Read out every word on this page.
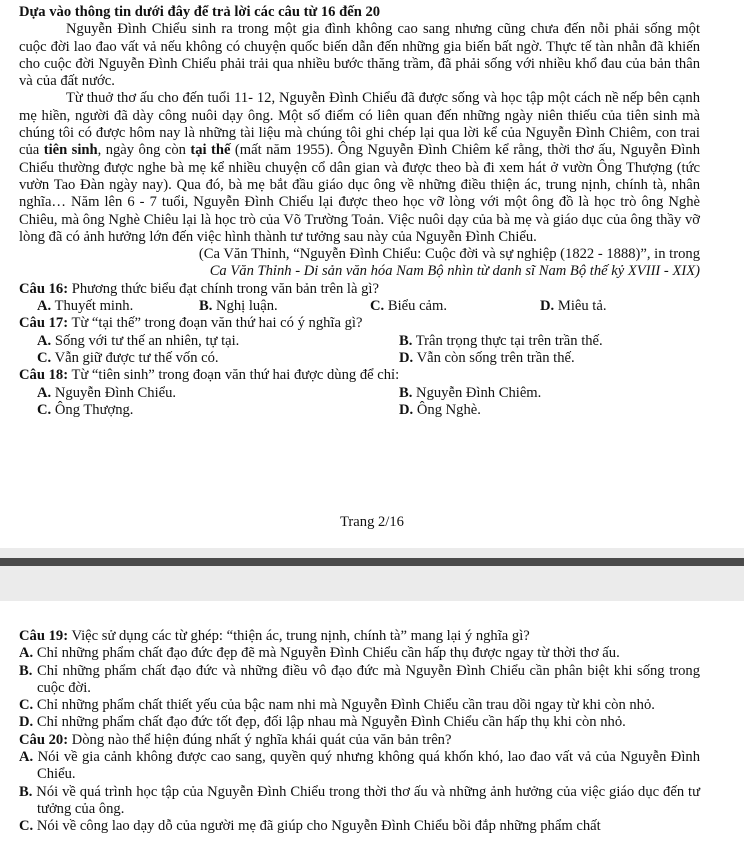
Dựa vào thông tin dưới đây để trả lời các câu từ 16 đến 20

Nguyễn Đình Chiểu sinh ra trong một gia đình không cao sang nhưng cũng chưa đến nỗi phải sống một cuộc đời lao đao vất vả nếu không có chuyện quốc biến dẫn đến những gia biến bất ngờ. Thực tế tàn nhẫn đã khiến cho cuộc đời Nguyễn Đình Chiểu phải trải qua nhiều bước thăng trầm, đã phải sống với nhiều khổ đau của bản thân và của đất nước.

Từ thuở thơ ấu cho đến tuổi 11- 12, Nguyễn Đình Chiểu đã được sống và học tập một cách nề nếp bên cạnh mẹ hiền, người đã dày công nuôi dạy ông. Một số điểm có liên quan đến những ngày niên thiếu của tiên sinh mà chúng tôi có được hôm nay là những tài liệu mà chúng tôi ghi chép lại qua lời kể của Nguyễn Đình Chiêm, con trai của tiên sinh, ngày ông còn tại thế (mất năm 1955). Ông Nguyễn Đình Chiêm kể rằng, thời thơ ấu, Nguyễn Đình Chiểu thường được nghe bà mẹ kể nhiều chuyện cổ dân gian và được theo bà đi xem hát ở vườn Ông Thượng (tức vườn Tao Đàn ngày nay). Qua đó, bà mẹ bắt đầu giáo dục ông về những điều thiện ác, trung nịnh, chính tà, nhân nghĩa… Năm lên 6 - 7 tuổi, Nguyễn Đình Chiểu lại được theo học vỡ lòng với một ông đồ là học trò ông Nghè Chiêu, mà ông Nghè Chiêu lại là học trò của Võ Trường Toản. Việc nuôi dạy của bà mẹ và giáo dục của ông thầy vỡ lòng đã có ảnh hưởng lớn đến việc hình thành tư tưởng sau này của Nguyễn Đình Chiểu.

(Ca Văn Thỉnh, “Nguyễn Đình Chiểu: Cuộc đời và sự nghiệp (1822 - 1888)”, in trong

Ca Văn Thỉnh - Di sản văn hóa Nam Bộ nhìn từ danh sĩ Nam Bộ thế kỷ XVIII - XIX)

Câu 16: Phương thức biểu đạt chính trong văn bản trên là gì?

A. Thuyết minh.	B. Nghị luận.	C. Biểu cảm.	D. Miêu tả.

Câu 17: Từ “tại thế” trong đoạn văn thứ hai có ý nghĩa gì?

A. Sống với tư thế an nhiên, tự tại.	B. Trân trọng thực tại trên trần thế.
C. Vẫn giữ được tư thế vốn có.	D. Vẫn còn sống trên trần thế.

Câu 18: Từ “tiên sinh” trong đoạn văn thứ hai được dùng để chỉ:

A. Nguyễn Đình Chiểu.	B. Nguyễn Đình Chiêm.
C. Ông Thượng.	D. Ông Nghè.
Trang 2/16

Câu 19: Việc sử dụng các từ ghép: “thiện ác, trung nịnh, chính tà” mang lại ý nghĩa gì?

A. Chỉ những phẩm chất đạo đức đẹp đẽ mà Nguyễn Đình Chiểu cần hấp thụ được ngay từ thời thơ ấu.

B. Chỉ những phẩm chất đạo đức và những điều vô đạo đức mà Nguyễn Đình Chiểu cần phân biệt khi sống trong cuộc đời.

C. Chỉ những phẩm chất thiết yếu của bậc nam nhi mà Nguyễn Đình Chiểu cần trau dồi ngay từ khi còn nhỏ.

D. Chỉ những phẩm chất đạo đức tốt đẹp, đối lập nhau mà Nguyễn Đình Chiểu cần hấp thụ khi còn nhỏ.

Câu 20: Dòng nào thể hiện đúng nhất ý nghĩa khái quát của văn bản trên?

A. Nói về gia cảnh không được cao sang, quyền quý nhưng không quá khốn khó, lao đao vất vả của Nguyễn Đình Chiểu.

B. Nói về quá trình học tập của Nguyễn Đình Chiểu trong thời thơ ấu và những ảnh hưởng của việc giáo dục đến tư tưởng của ông.

C. Nói về công lao dạy dỗ của người mẹ đã giúp cho Nguyễn Đình Chiểu bồi đắp những phẩm chất
